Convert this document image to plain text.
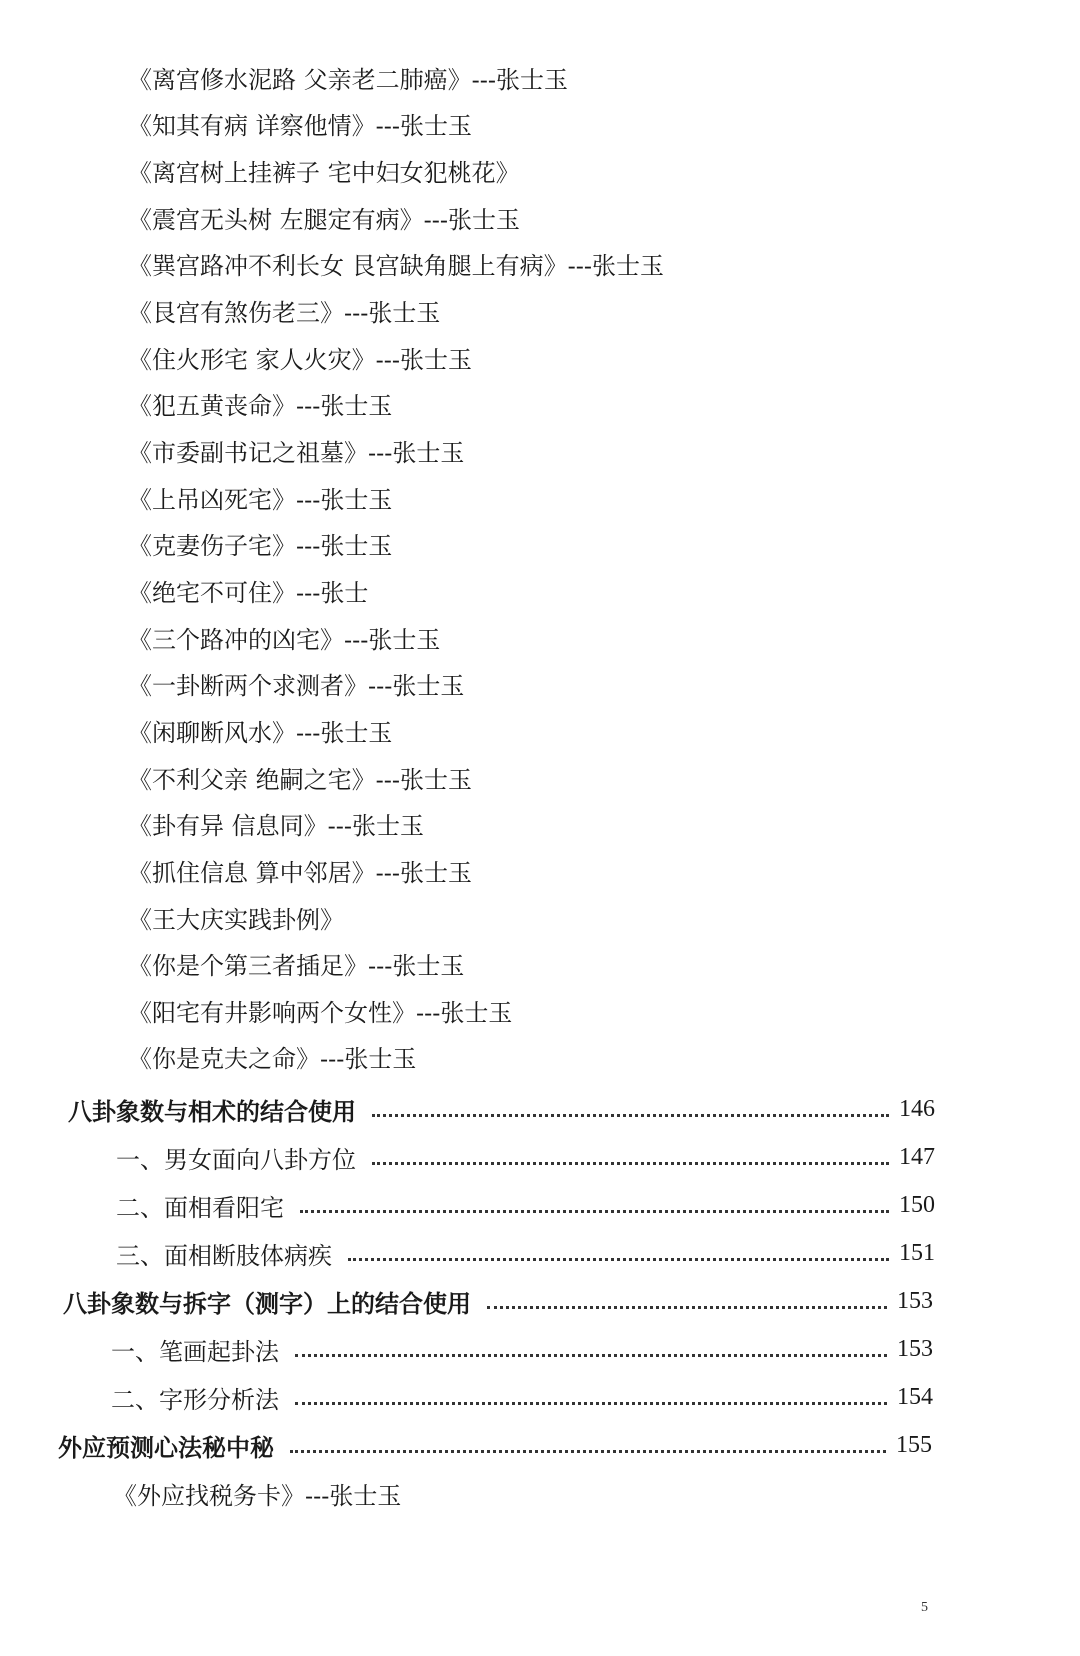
《离宫修水泥路 父亲老二肺癌》---张士玉
《知其有病 详察他情》---张士玉
《离宫树上挂裤子 宅中妇女犯桃花》
《震宫无头树 左腿定有病》---张士玉
《巽宫路冲不利长女 艮宫缺角腿上有病》---张士玉
《艮宫有煞伤老三》---张士玉
《住火形宅 家人火灾》---张士玉
《犯五黄丧命》---张士玉
《市委副书记之祖墓》---张士玉
《上吊凶死宅》---张士玉
《克妻伤子宅》---张士玉
《绝宅不可住》---张士
《三个路冲的凶宅》---张士玉
《一卦断两个求测者》---张士玉
《闲聊断风水》---张士玉
《不利父亲 绝嗣之宅》---张士玉
《卦有异 信息同》---张士玉
《抓住信息 算中邻居》---张士玉
《王大庆实践卦例》
《你是个第三者插足》---张士玉
《阳宅有井影响两个女性》---张士玉
《你是克夫之命》---张士玉
八卦象数与相术的结合使用	146
一、男女面向八卦方位	147
二、面相看阳宅	150
三、面相断肢体病疾	151
八卦象数与拆字（测字）上的结合使用	153
一、笔画起卦法	153
二、字形分析法	154
外应预测心法秘中秘	155
《外应找税务卡》---张士玉
5
